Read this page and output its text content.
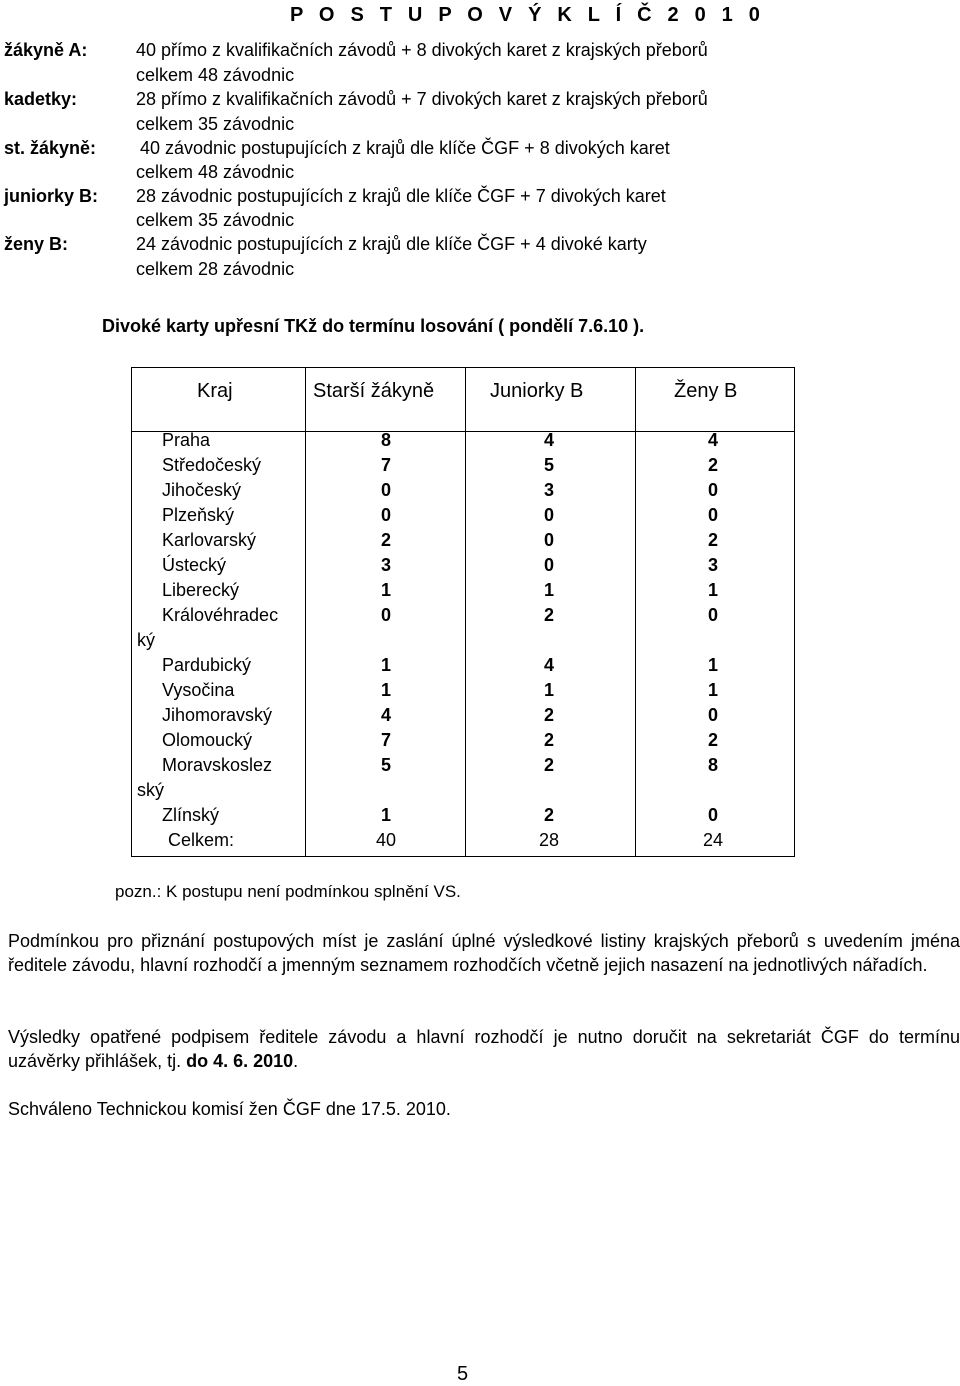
P O S T U P O V Ý K L Í Č 2 0 1 0
žákyně A:	40 přímo z kvalifikačních závodů + 8 divokých karet z krajských přeborů
celkem 48 závodnic
kadetky:	28 přímo z kvalifikačních závodů + 7 divokých karet z krajských přeborů
celkem 35 závodnic
st. žákyně: 40 závodnic postupujících z krajů dle klíče ČGF + 8 divokých karet
celkem 48 závodnic
juniorky B: 28 závodnic postupujících z krajů dle klíče ČGF + 7 divokých karet
celkem 35 závodnic
ženy B:	24 závodnic postupujících z krajů dle klíče ČGF + 4 divoké karty
celkem 28 závodnic
Divoké karty upřesní TKž do termínu losování ( pondělí 7.6.10 ).
Kraj	Starší žákyně	Juniorky B	Ženy B
Praha	8	4	4
Středočeský	7	5	2
Jihočeský	0	3	0
Plzeňský	0	0	0
Karlovarský	2	0	2
Ústecký	3	0	3
Liberecký	1	1	1
Královéhradec	0	2	0
ký
Pardubický	1	4	1
Vysočina	1	1	1
Jihomoravský	4	2	0
Olomoucký	7	2	2
Moravskoslez	5	2	8
ský
Zlínský	1	2	0
Celkem:	40	28	24
pozn.: K postupu není podmínkou splnění VS.
Podmínkou pro přiznání postupových míst je zaslání úplné výsledkové listiny krajských přeborů s uvedením jména ředitele závodu, hlavní rozhodčí a jmenným seznamem rozhodčích včetně jejich nasazení na jednotlivých nářadích.
Výsledky opatřené podpisem ředitele závodu a hlavní rozhodčí je nutno doručit na sekretariát ČGF do termínu uzávěrky přihlášek, tj. do 4. 6. 2010.
Schváleno Technickou komisí žen ČGF dne 17.5. 2010.
5
